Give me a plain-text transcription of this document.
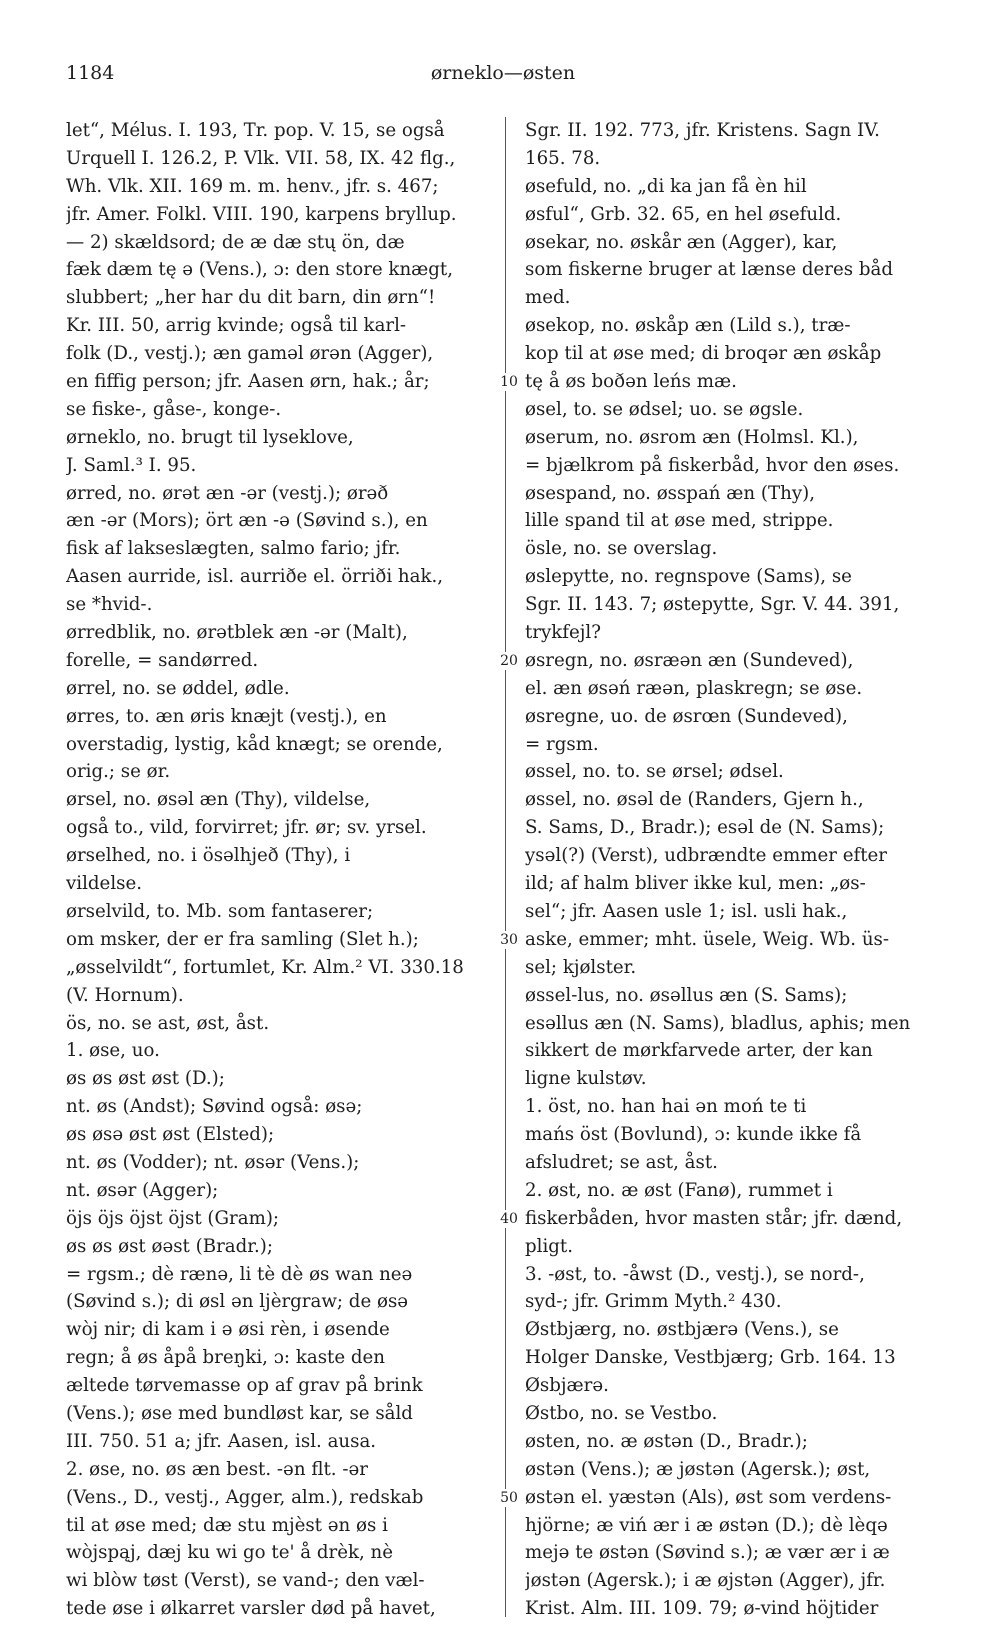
1184	ørneklo—østen
let“, Mélus. I. 193, Tr. pop. V. 15, se også
Urquell I. 126.2, P. Vlk. VII. 58, IX. 42 flg.,
Wh. Vlk. XII. 169 m. m. henv., jfr. s. 467;
jfr. Amer. Folkl. VIII. 190, karpens bryllup.
— 2) skældsord; de æ dæ stų ön, dæ
fæk dæm tę ə (Vens.), ɔ: den store knægt,
slubbert; „her har du dit barn, din ørn“!
Kr. III. 50, arrig kvinde; også til karl-
folk (D., vestj.); æn gaməl ørən (Agger),
en fiffig person; jfr. Aasen ørn, hak.; år;
se fiske-, gåse-, konge-.
ørneklo, no. brugt til lyseklove,
J. Saml.³ I. 95.
ørred, no. ørət æn -ər (vestj.); ørəð
æn -ər (Mors); ört æn -ə (Søvind s.), en
fisk af lakseslægten, salmo fario; jfr.
Aasen aurride, isl. aurriðe el. örriði hak.,
se *hvid-.
ørredblik, no. ørətblek æn -ər (Malt),
forelle, = sandørred.
ørrel, no. se øddel, ødle.
ørres, to. æn øris knæjt (vestj.), en
overstadig, lystig, kåd knægt; se orende,
orig.; se ør.
ørsel, no. øsəl æn (Thy), vildelse,
også to., vild, forvirret; jfr. ør; sv. yrsel.
ørselhed, no. i ösəlhjeð (Thy), i
vildelse.
ørselvild, to. Mb. som fantaserer;
om msker, der er fra samling (Slet h.);
„øsselvildt“, fortumlet, Kr. Alm.² VI. 330.18
(V. Hornum).
ös, no. se ast, øst, åst.
1. øse, uo.
øs øs øst øst (D.);
nt. øs (Andst); Søvind også: øsə;
øs øsə øst øst (Elsted);
nt. øs (Vodder); nt. øsər (Vens.);
nt. øsər (Agger);
öjs öjs öjst öjst (Gram);
øs øs øst øəst (Bradr.);
= rgsm.; dè rænə, li tè dè øs wan neə
(Søvind s.); di øsl ən ljèrgraw; de øsə
wòj nir; di kam i ə øsi rèn, i øsende
regn; å øs åpå breŋki, ɔ: kaste den
æltede tørvemasse op af grav på brink
(Vens.); øse med bundløst kar, se såld
III. 750. 51 a; jfr. Aasen, isl. ausa.
2. øse, no. øs æn best. -ən flt. -ər
(Vens., D., vestj., Agger, alm.), redskab
til at øse med; dæ stu mjèst ən øs i
wòjspąj, dæj ku wi go te' å drèk, nè
wi blòw tøst (Verst), se vand-; den væl-
tede øse i ølkarret varsler død på havet,
Sgr. II. 192. 773, jfr. Kristens. Sagn IV.
165. 78.
øsefuld, no. „di ka jan få èn hil
øsful“, Grb. 32. 65, en hel øsefuld.
øsekar, no. øskår æn (Agger), kar,
som fiskerne bruger at lænse deres båd
med.
øsekop, no. øskåp æn (Lild s.), træ-
kop til at øse med; di broqər æn øskåp
tę å øs boðən leńs mæ.
øsel, to. se ødsel; uo. se øgsle.
øserum, no. øsrom æn (Holmsl. Kl.),
= bjælkrom på fiskerbåd, hvor den øses.
øsespand, no. øsspań æn (Thy),
lille spand til at øse med, strippe.
ösle, no. se overslag.
øslepytte, no. regnspove (Sams), se
Sgr. II. 143. 7; østepytte, Sgr. V. 44. 391,
trykfejl?
øsregn, no. øsræən æn (Sundeved),
el. æn øsəń ræən, plaskregn; se øse.
øsregne, uo. de øsrœn (Sundeved),
= rgsm.
øssel, no. to. se ørsel; ødsel.
øssel, no. øsəl de (Randers, Gjern h.,
S. Sams, D., Bradr.); esəl de (N. Sams);
ysəl(?) (Verst), udbrændte emmer efter
ild; af halm bliver ikke kul, men: „øs-
sel“; jfr. Aasen usle 1; isl. usli hak.,
aske, emmer; mht. üsele, Weig. Wb. üs-
sel; kjølster.
øssel-lus, no. øsəllus æn (S. Sams);
esəllus æn (N. Sams), bladlus, aphis; men
sikkert de mørkfarvede arter, der kan
ligne kulstøv.
1. öst, no. han hai ən moń te ti
mańs öst (Bovlund), ɔ: kunde ikke få
afsludret; se ast, åst.
2. øst, no. æ øst (Fanø), rummet i
fiskerbåden, hvor masten står; jfr. dænd,
pligt.
3. -øst, to. -åwst (D., vestj.), se nord-,
syd-; jfr. Grimm Myth.² 430.
Østbjærg, no. østbjærə (Vens.), se
Holger Danske, Vestbjærg; Grb. 164. 13
Øsbjærə.
Østbo, no. se Vestbo.
østen, no. æ østən (D., Bradr.);
østən (Vens.); æ jøstən (Agersk.); øst,
østən el. yæstən (Als), øst som verdens-
hjörne; æ viń ær i æ østən (D.); dè lèqə
mejə te østən (Søvind s.); æ vær ær i æ
jøstən (Agersk.); i æ øjstən (Agger), jfr.
Krist. Alm. III. 109. 79; ø-vind höjtider
10
20
30
40
50
